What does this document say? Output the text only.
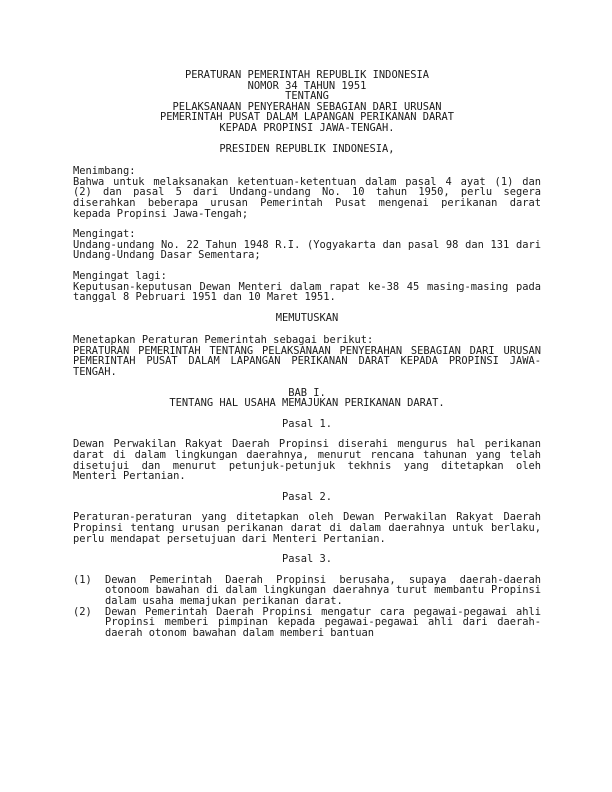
PERATURAN PEMERINTAH REPUBLIK INDONESIA

NOMOR 34 TAHUN 1951

TENTANG

PELAKSANAAN PENYERAHAN SEBAGIAN DARI URUSAN

PEMERINTAH PUSAT DALAM LAPANGAN PERIKANAN DARAT

KEPADA PROPINSI JAWA-TENGAH.

PRESIDEN REPUBLIK INDONESIA,

Menimbang:

Bahwa untuk melaksanakan ketentuan-ketentuan dalam pasal 4 ayat (1) dan (2) dan pasal 5 dari Undang-undang No. 10 tahun 1950, perlu segera diserahkan beberapa urusan Pemerintah Pusat mengenai perikanan darat kepada Propinsi Jawa-Tengah;

Mengingat:

Undang-undang No. 22 Tahun 1948 R.I. (Yogyakarta dan pasal 98 dan 131 dari Undang-Undang Dasar Sementara;

Mengingat lagi:

Keputusan-keputusan Dewan Menteri dalam rapat ke-38 45 masing-masing pada tanggal 8 Pebruari 1951 dan 10 Maret 1951.

MEMUTUSKAN

Menetapkan Peraturan Pemerintah sebagai berikut:

PERATURAN PEMERINTAH TENTANG PELAKSANAAN PENYERAHAN SEBAGIAN DARI URUSAN PEMERINTAH PUSAT DALAM LAPANGAN PERIKANAN DARAT KEPADA PROPINSI JAWA-TENGAH.

BAB I.

TENTANG HAL USAHA MEMAJUKAN PERIKANAN DARAT.

Pasal 1.

Dewan Perwakilan Rakyat Daerah Propinsi diserahi mengurus hal perikanan darat di dalam lingkungan daerahnya, menurut rencana tahunan yang telah disetujui dan menurut petunjuk-petunjuk tekhnis yang ditetapkan oleh Menteri Pertanian.

Pasal 2.

Peraturan-peraturan yang ditetapkan oleh Dewan Perwakilan Rakyat Daerah Propinsi tentang urusan perikanan darat di dalam daerahnya untuk berlaku, perlu mendapat persetujuan dari Menteri Pertanian.

Pasal 3.

(1)	Dewan Pemerintah Daerah Propinsi berusaha, supaya daerah-daerah otonoom bawahan di dalam lingkungan daerahnya turut membantu Propinsi dalam usaha memajukan perikanan darat.
(2)	Dewan Pemerintah Daerah Propinsi mengatur cara pegawai-pegawai ahli Propinsi memberi pimpinan kepada pegawai-pegawai ahli dari daerah-daerah otonom bawahan dalam memberi bantuan
